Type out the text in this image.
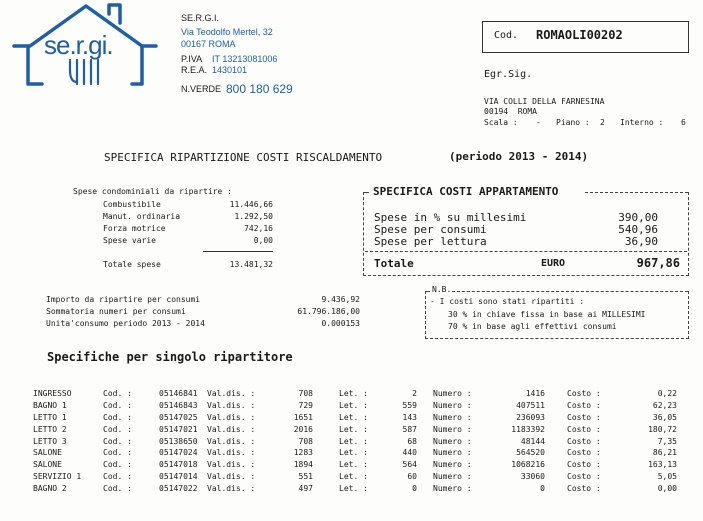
se.r.gi.
SE.R.G.I.
Via Teodolfo Mertel, 32
00167 ROMA
P.IVA IT 13213081006
R.E.A. 1430101
N.VERDE 800 180 629
Cod. ROMAOLI00202
Egr.Sig.
VIA COLLI DELLA FARNESINA
00194  ROMA
Scala : - Piano : 2 Interno : 6
SPECIFICA RIPARTIZIONE COSTI RISCALDAMENTO	(periodo 2013 - 2014)
Spese condominiali da ripartire :
Combustibile	11.446,66
Manut. ordinaria	1.292,50
Forza motrice	742,16
Spese varie	0,00
Totale spese	13.481,32
SPECIFICA COSTI APPARTAMENTO
Spese in % su millesimi	390,00
Spese per consumi	540,96
Spese per lettura	36,90
Totale	EURO	967,86
Importo da ripartire per consumi	9.436,92
Sommatoria numeri per consumi	61.796.186,00
Unita'consumo periodo 2013 - 2014	0.000153
N.B.
- I costi sono stati ripartiti :
30 % in chiave fissa in base ai MILLESIMI
70 % in base agli effettivi consumi
Specifiche per singolo ripartitore
INGRESSO	Cod. :	05146841	Val.dis. :	708	Let. :	2	Numero :	1416	Costo :	0,22
BAGNO 1	Cod. :	05146843	Val.dis. :	729	Let. :	559	Numero :	407511	Costo :	62,23
LETTO 1	Cod. :	05147025	Val.dis. :	1651	Let. :	143	Numero :	236093	Costo :	36,05
LETTO 2	Cod. :	05147021	Val.dis. :	2016	Let. :	587	Numero :	1183392	Costo :	180,72
LETTO 3	Cod. :	05138650	Val.dis. :	708	Let. :	68	Numero :	48144	Costo :	7,35
SALONE	Cod. :	05147024	Val.dis. :	1283	Let. :	440	Numero :	564520	Costo :	86,21
SALONE	Cod. :	05147018	Val.dis. :	1894	Let. :	564	Numero :	1068216	Costo :	163,13
SERVIZIO 1	Cod. :	05147014	Val.dis. :	551	Let. :	60	Numero :	33060	Costo :	5,05
BAGNO 2	Cod. :	05147022	Val.dis. :	497	Let. :	0	Numero :	0	Costo :	0,00
